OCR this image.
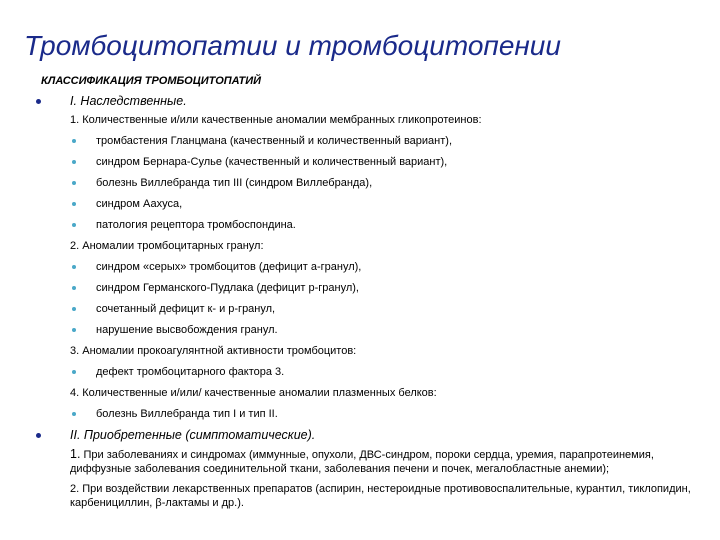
Тромбоцитопатии и тромбоцитопении
КЛАССИФИКАЦИЯ ТРОМБОЦИТОПАТИЙ
I. Наследственные.
1. Количественные и/или качественные аномалии мембранных гликопротеинов:
тромбастения Гланцмана (качественный и количественный вариант),
синдром Бернара-Сулье (качественный и количественный вариант),
болезнь Виллебранда тип III (синдром Виллебранда),
синдром Аахуса,
патология рецептора тромбоспондина.
2. Аномалии тромбоцитарных гранул:
синдром «серых» тромбоцитов (дефицит а-гранул),
синдром Германского-Пудлака (дефицит р-гранул),
сочетанный дефицит к- и р-гранул,
нарушение высвобождения гранул.
3. Аномалии прокоагулянтной активности тромбоцитов:
дефект тромбоцитарного фактора 3.
4. Количественные и/или/ качественные аномалии плазменных белков:
болезнь Виллебранда тип I и тип II.
II. Приобретенные (симптоматические).
1. При заболеваниях и синдромах (иммунные, опухоли, ДВС-синдром, пороки сердца, уремия, парапротеинемия, диффузные заболевания соединительной ткани, заболевания печени и почек, мегалобластные анемии);
2. При воздействии лекарственных препаратов (аспирин, нестероидные противовоспалительные, курантил, тиклопидин, карбенициллин, β-лактамы и др.).
